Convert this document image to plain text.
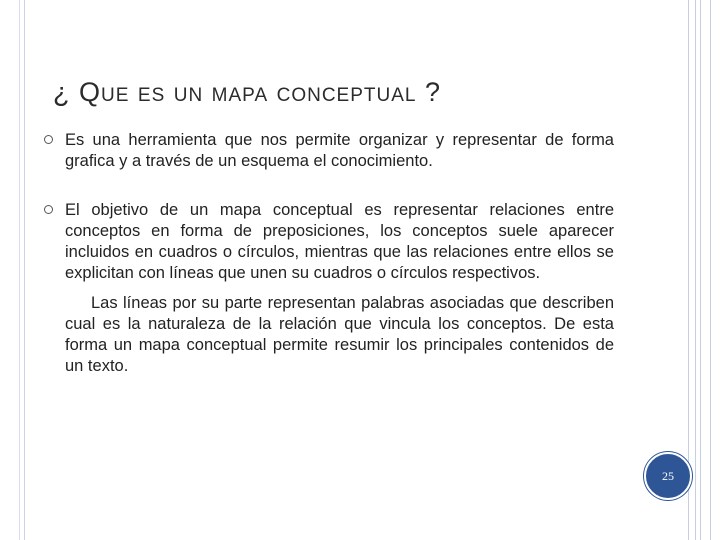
¿ Que es un mapa conceptual ?
Es una herramienta que nos permite organizar y representar de forma grafica y a través de un esquema el conocimiento.
El objetivo de un mapa conceptual es representar relaciones entre conceptos en forma de preposiciones, los conceptos suele aparecer incluidos en cuadros o círculos, mientras que las relaciones entre ellos se explicitan con líneas que unen su cuadros o círculos respectivos.
Las líneas por su parte representan palabras asociadas que describen cual es la naturaleza de la relación que vincula los conceptos. De esta forma un mapa conceptual permite resumir los principales contenidos de un texto.
25
